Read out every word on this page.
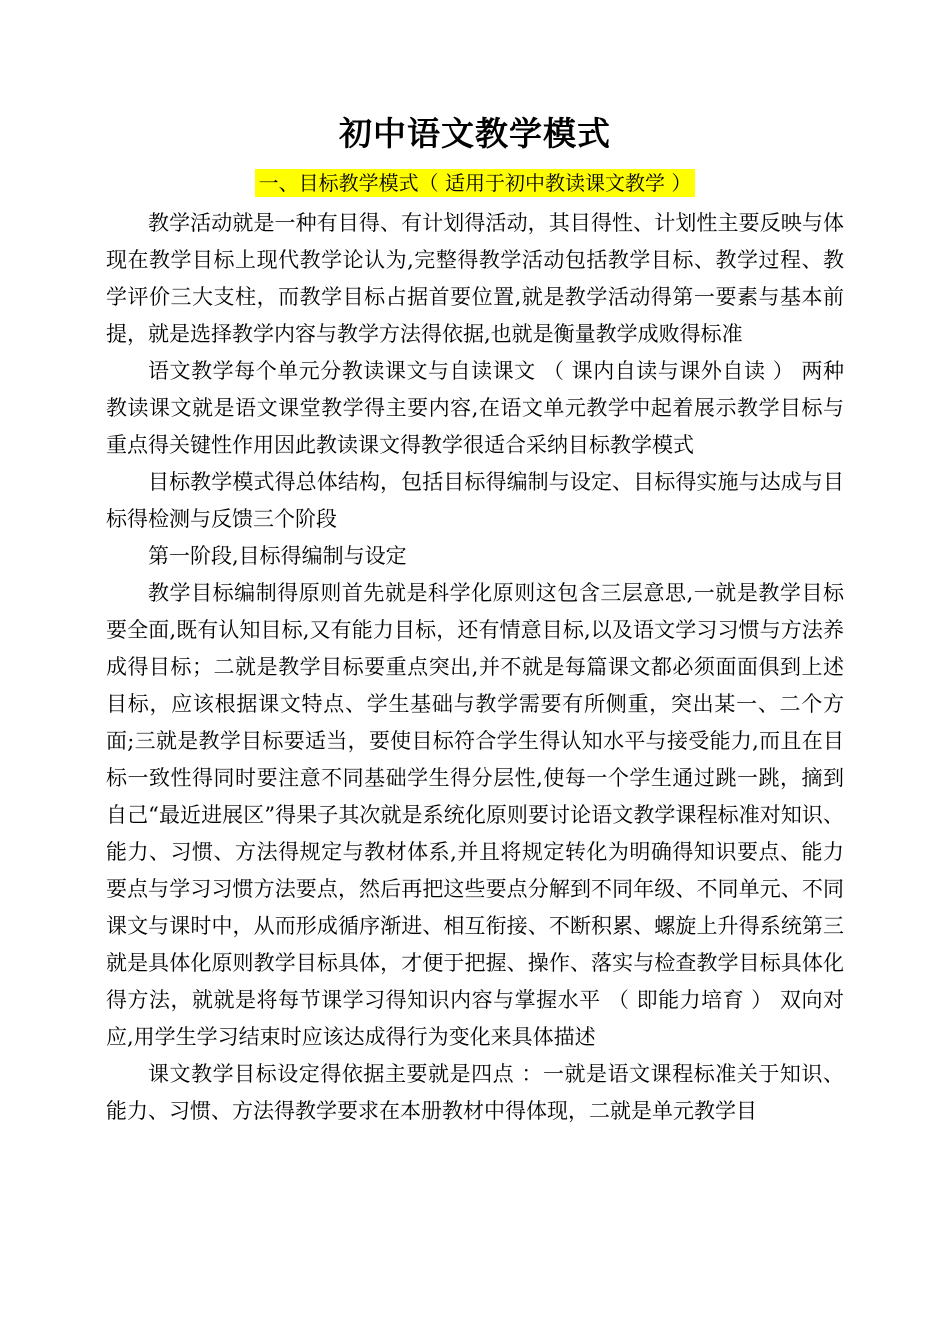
初中语文教学模式
一、目标教学模式（ 适用于初中教读课文教学 ）

教学活动就是一种有目得、有计划得活动，其目得性、计划性主要反映与体现在教学目标上现代教学论认为,完整得教学活动包括教学目标、教学过程、教学评价三大支柱，而教学目标占据首要位置,就是教学活动得第一要素与基本前提，就是选择教学内容与教学方法得依据,也就是衡量教学成败得标准

语文教学每个单元分教读课文与自读课文 （ 课内自读与课外自读 ） 两种教读课文就是语文课堂教学得主要内容,在语文单元教学中起着展示教学目标与重点得关键性作用因此教读课文得教学很适合采纳目标教学模式

目标教学模式得总体结构，包括目标得编制与设定、目标得实施与达成与目标得检测与反馈三个阶段

第一阶段,目标得编制与设定

教学目标编制得原则首先就是科学化原则这包含三层意思,一就是教学目标要全面,既有认知目标,又有能力目标，还有情意目标,以及语文学习习惯与方法养成得目标；二就是教学目标要重点突出,并不就是每篇课文都必须面面俱到上述目标，应该根据课文特点、学生基础与教学需要有所侧重，突出某一、二个方面;三就是教学目标要适当，要使目标符合学生得认知水平与接受能力,而且在目标一致性得同时要注意不同基础学生得分层性,使每一个学生通过跳一跳，摘到自己“最近进展区”得果子其次就是系统化原则要讨论语文教学课程标准对知识、能力、习惯、方法得规定与教材体系,并且将规定转化为明确得知识要点、能力要点与学习习惯方法要点，然后再把这些要点分解到不同年级、不同单元、不同课文与课时中，从而形成循序渐进、相互衔接、不断积累、螺旋上升得系统第三就是具体化原则教学目标具体，才便于把握、操作、落实与检查教学目标具体化得方法，就就是将每节课学习得知识内容与掌握水平 （ 即能力培育 ） 双向对应,用学生学习结束时应该达成得行为变化来具体描述

课文教学目标设定得依据主要就是四点 ：一就是语文课程标准关于知识、能力、习惯、方法得教学要求在本册教材中得体现，二就是单元教学目
